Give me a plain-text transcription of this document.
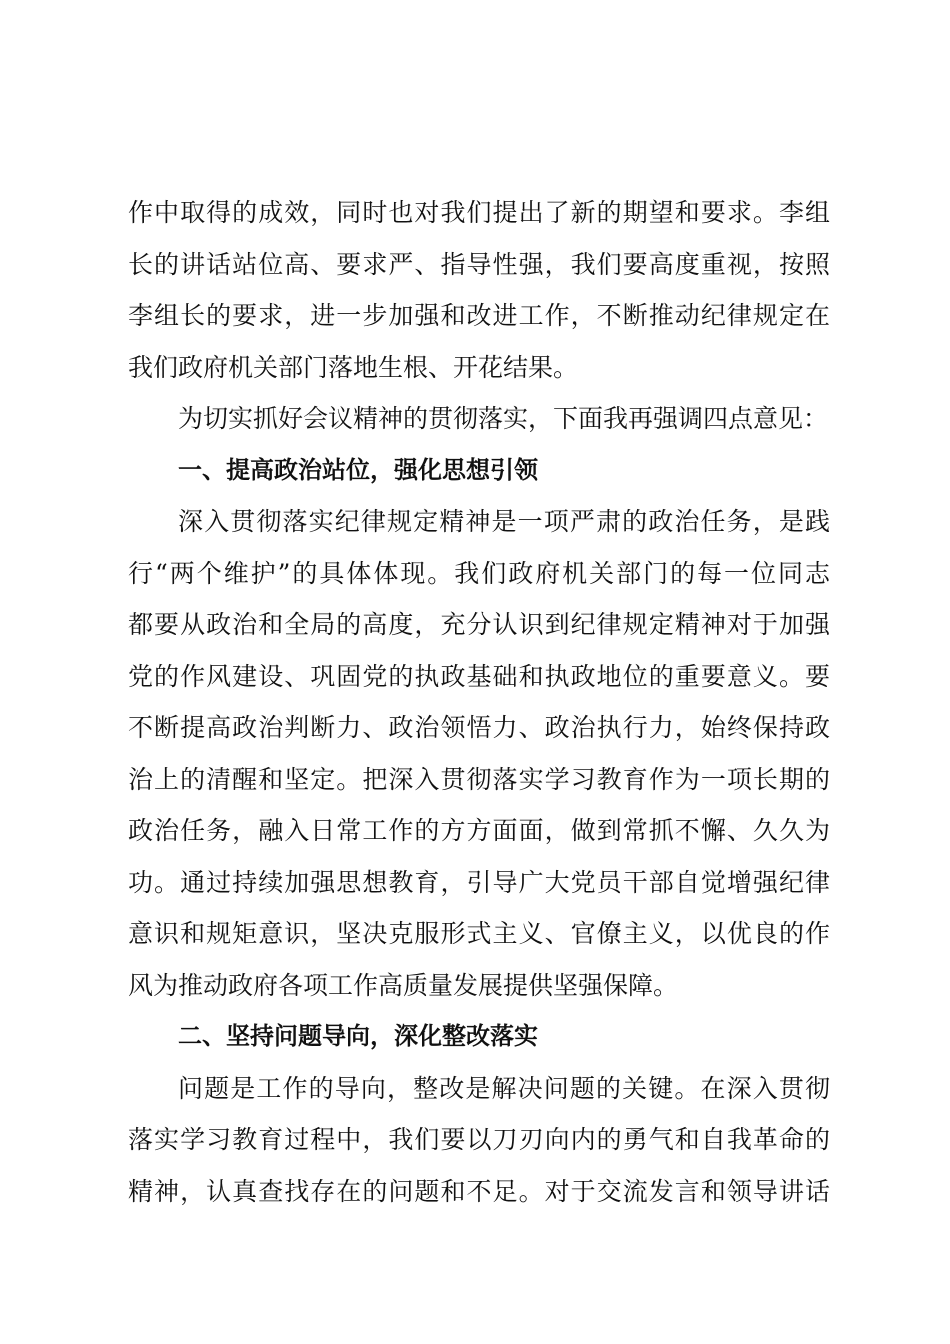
作中取得的成效，同时也对我们提出了新的期望和要求。李组
长的讲话站位高、要求严、指导性强，我们要高度重视，按照
李组长的要求，进一步加强和改进工作，不断推动纪律规定在
我们政府机关部门落地生根、开花结果。
为切实抓好会议精神的贯彻落实，下面我再强调四点意见：
一、提高政治站位，强化思想引领
深入贯彻落实纪律规定精神是一项严肃的政治任务，是践
行“两个维护”的具体体现。我们政府机关部门的每一位同志
都要从政治和全局的高度，充分认识到纪律规定精神对于加强
党的作风建设、巩固党的执政基础和执政地位的重要意义。要
不断提高政治判断力、政治领悟力、政治执行力，始终保持政
治上的清醒和坚定。把深入贯彻落实学习教育作为一项长期的
政治任务，融入日常工作的方方面面，做到常抓不懈、久久为
功。通过持续加强思想教育，引导广大党员干部自觉增强纪律
意识和规矩意识，坚决克服形式主义、官僚主义，以优良的作
风为推动政府各项工作高质量发展提供坚强保障。
二、坚持问题导向，深化整改落实
问题是工作的导向，整改是解决问题的关键。在深入贯彻
落实学习教育过程中，我们要以刀刃向内的勇气和自我革命的
精神，认真查找存在的问题和不足。对于交流发言和领导讲话
